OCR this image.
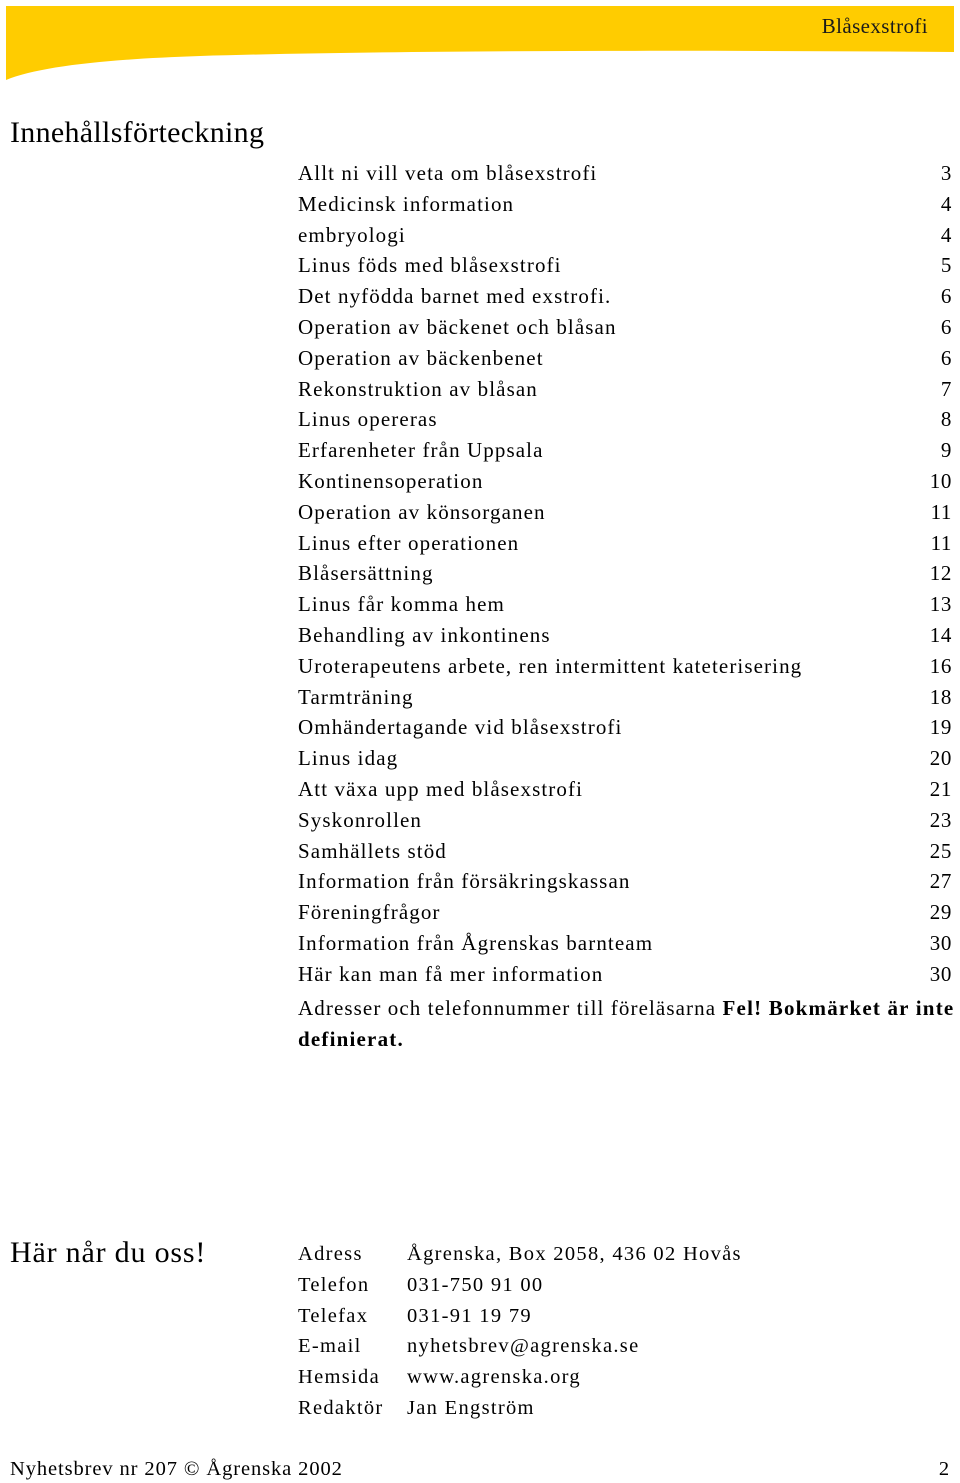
Blåsexstrofi
Innehållsförteckning
Allt ni vill veta om blåsexstrofi	3
Medicinsk information	4
embryologi	4
Linus föds med blåsexstrofi	5
Det nyfödda barnet med exstrofi.	6
Operation av bäckenet och blåsan	6
Operation av bäckenbenet	6
Rekonstruktion av blåsan	7
Linus opereras	8
Erfarenheter från Uppsala	9
Kontinensoperation	10
Operation av könsorganen	11
Linus efter operationen	11
Blåsersättning	12
Linus får komma hem	13
Behandling av inkontinens	14
Uroterapeutens arbete, ren intermittent kateterisering	16
Tarmträning	18
Omhändertagande vid blåsexstrofi	19
Linus idag	20
Att växa upp med blåsexstrofi	21
Syskonrollen	23
Samhällets stöd	25
Information från försäkringskassan	27
Föreningfrågor	29
Information från Ågrenskas barnteam	30
Här kan man få mer information	30
Adresser och telefonnummer till föreläsarna Fel! Bokmärket är inte definierat.
Här når du oss!	Adress	Ågrenska, Box 2058, 436 02 Hovås
Telefon	031-750 91 00
Telefax	031-91 19 79
E-mail	nyhetsbrev@agrenska.se
Hemsida	www.agrenska.org
Redaktör	Jan Engström
Nyhetsbrev nr 207 © Ågrenska 2002	2
